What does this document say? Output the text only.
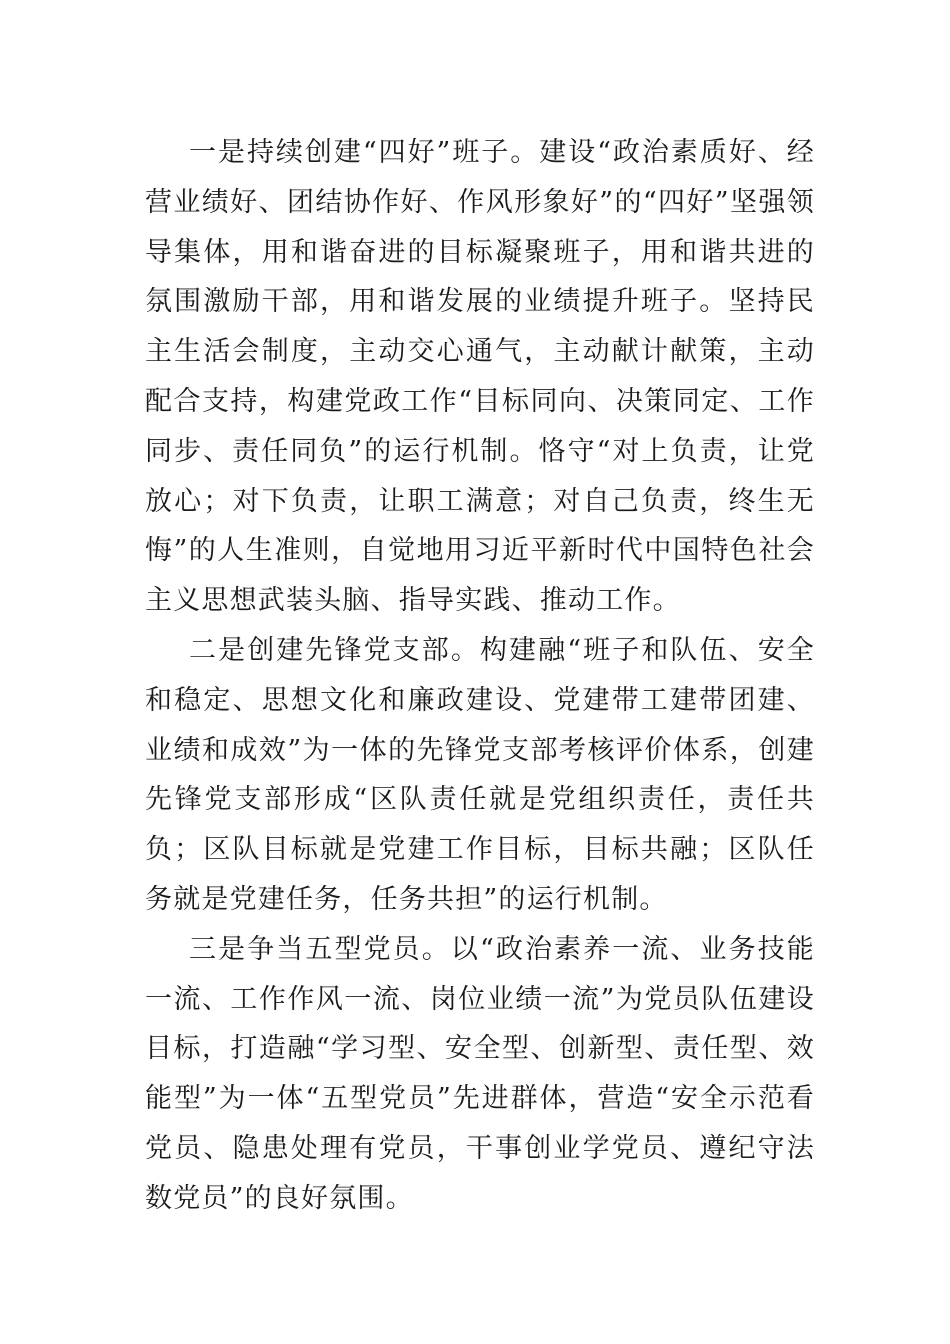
一是持续创建“四好”班子。建设“政治素质好、经营业绩好、团结协作好、作风形象好”的“四好”坚强领导集体，用和谐奋进的目标凝聚班子，用和谐共进的氛围激励干部，用和谐发展的业绩提升班子。坚持民主生活会制度，主动交心通气，主动献计献策，主动配合支持，构建党政工作“目标同向、决策同定、工作同步、责任同负”的运行机制。恪守“对上负责，让党放心；对下负责，让职工满意；对自己负责，终生无悔”的人生准则，自觉地用习近平新时代中国特色社会主义思想武装头脑、指导实践、推动工作。

二是创建先锋党支部。构建融“班子和队伍、安全和稳定、思想文化和廉政建设、党建带工建带团建、业绩和成效”为一体的先锋党支部考核评价体系，创建先锋党支部形成“区队责任就是党组织责任，责任共负；区队目标就是党建工作目标，目标共融；区队任务就是党建任务，任务共担”的运行机制。

三是争当五型党员。以“政治素养一流、业务技能一流、工作作风一流、岗位业绩一流”为党员队伍建设目标，打造融“学习型、安全型、创新型、责任型、效能型”为一体“五型党员”先进群体，营造“安全示范看党员、隐患处理有党员，干事创业学党员、遵纪守法数党员”的良好氛围。
